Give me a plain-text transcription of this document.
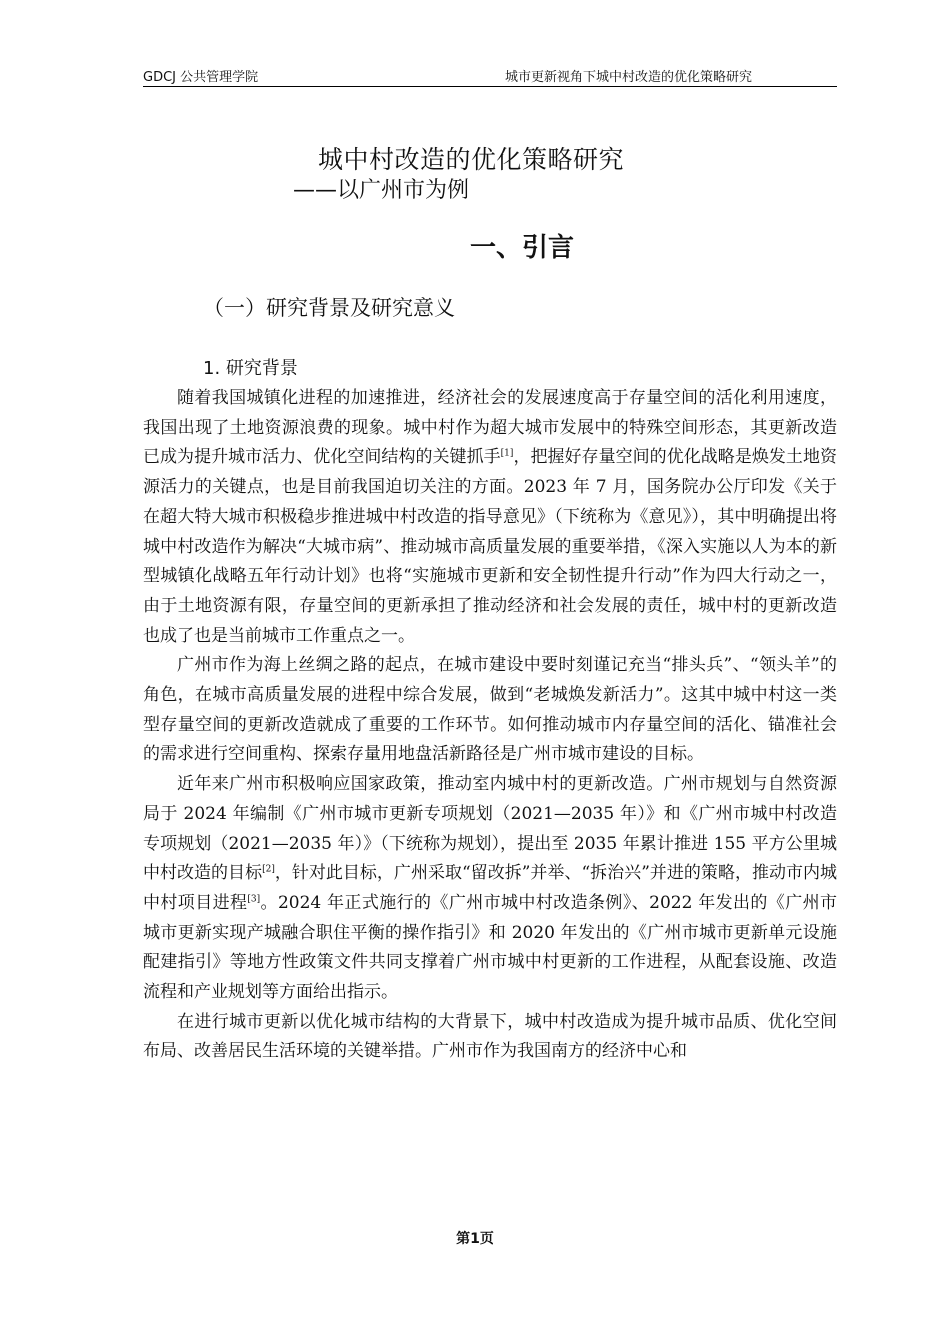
GDCJ 公共管理学院	城市更新视角下城中村改造的优化策略研究
城中村改造的优化策略研究
——以广州市为例
一、引言
（一）研究背景及研究意义
1. 研究背景

随着我国城镇化进程的加速推进，经济社会的发展速度高于存量空间的活化利用速度，我国出现了土地资源浪费的现象。城中村作为超大城市发展中的特殊空间形态，其更新改造已成为提升城市活力、优化空间结构的关键抓手[1]，把握好存量空间的优化战略是焕发土地资源活力的关键点，也是目前我国迫切关注的方面。2023 年 7 月，国务院办公厅印发《关于在超大特大城市积极稳步推进城中村改造的指导意见》（下统称为《意见》），其中明确提出将城中村改造作为解决“大城市病”、推动城市高质量发展的重要举措，《深入实施以人为本的新型城镇化战略五年行动计划》也将“实施城市更新和安全韧性提升行动”作为四大行动之一，由于土地资源有限，存量空间的更新承担了推动经济和社会发展的责任，城中村的更新改造也成了也是当前城市工作重点之一。

广州市作为海上丝绸之路的起点，在城市建设中要时刻谨记充当“排头兵”、“领头羊”的角色，在城市高质量发展的进程中综合发展，做到“老城焕发新活力”。这其中城中村这一类型存量空间的更新改造就成了重要的工作环节。如何推动城市内存量空间的活化、锚准社会的需求进行空间重构、探索存量用地盘活新路径是广州市城市建设的目标。

近年来广州市积极响应国家政策，推动室内城中村的更新改造。广州市规划与自然资源局于 2024 年编制《广州市城市更新专项规划（2021—2035 年）》和《广州市城中村改造专项规划（2021—2035 年）》（下统称为规划），提出至 2035 年累计推进 155 平方公里城中村改造的目标[2]，针对此目标，广州采取“留改拆”并举、“拆治兴”并进的策略，推动市内城中村项目进程[3]。2024 年正式施行的《广州市城中村改造条例》、2022 年发出的《广州市城市更新实现产城融合职住平衡的操作指引》和 2020 年发出的《广州市城市更新单元设施配建指引》等地方性政策文件共同支撑着广州市城中村更新的工作进程，从配套设施、改造流程和产业规划等方面给出指示。

在进行城市更新以优化城市结构的大背景下，城中村改造成为提升城市品质、优化空间布局、改善居民生活环境的关键举措。广州市作为我国南方的经济中心和

第1页
